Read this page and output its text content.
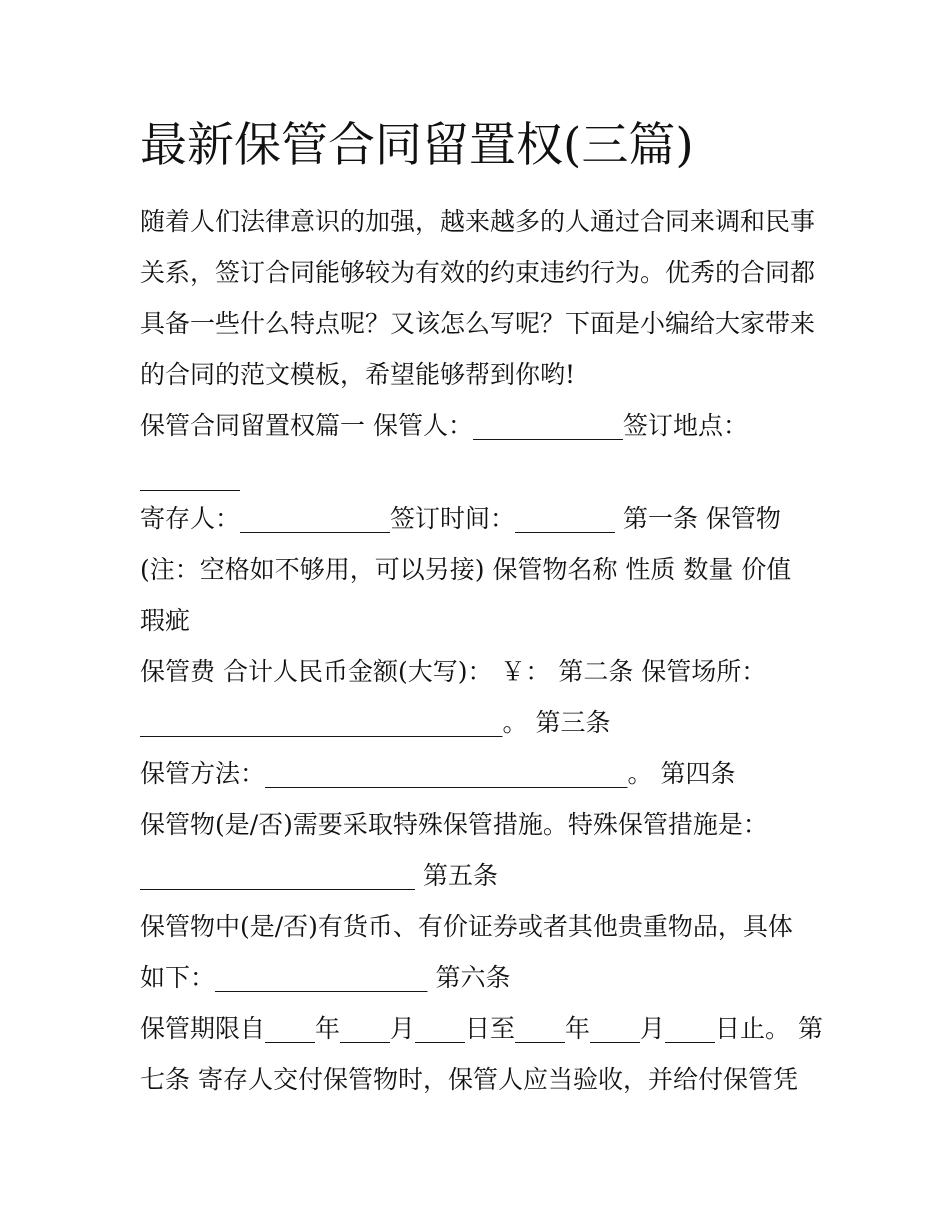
最新保管合同留置权(三篇)
随着人们法律意识的加强，越来越多的人通过合同来调和民事
关系，签订合同能够较为有效的约束违约行为。优秀的合同都
具备一些什么特点呢？又该怎么写呢？下面是小编给大家带来
的合同的范文模板，希望能够帮到你哟!
保管合同留置权篇一 保管人：____________签订地点：
________
寄存人：____________签订时间：________ 第一条 保管物
(注：空格如不够用，可以另接) 保管物名称 性质 数量 价值
瑕疵
保管费 合计人民币金额(大写)： ￥： 第二条 保管场所：
_____________________________。 第三条
保管方法：_____________________________。 第四条
保管物(是/否)需要采取特殊保管措施。特殊保管措施是：
______________________ 第五条
保管物中(是/否)有货币、有价证券或者其他贵重物品，具体
如下：_________________ 第六条
保管期限自____年____月____日至____年____月____日止。 第
七条 寄存人交付保管物时，保管人应当验收，并给付保管凭
